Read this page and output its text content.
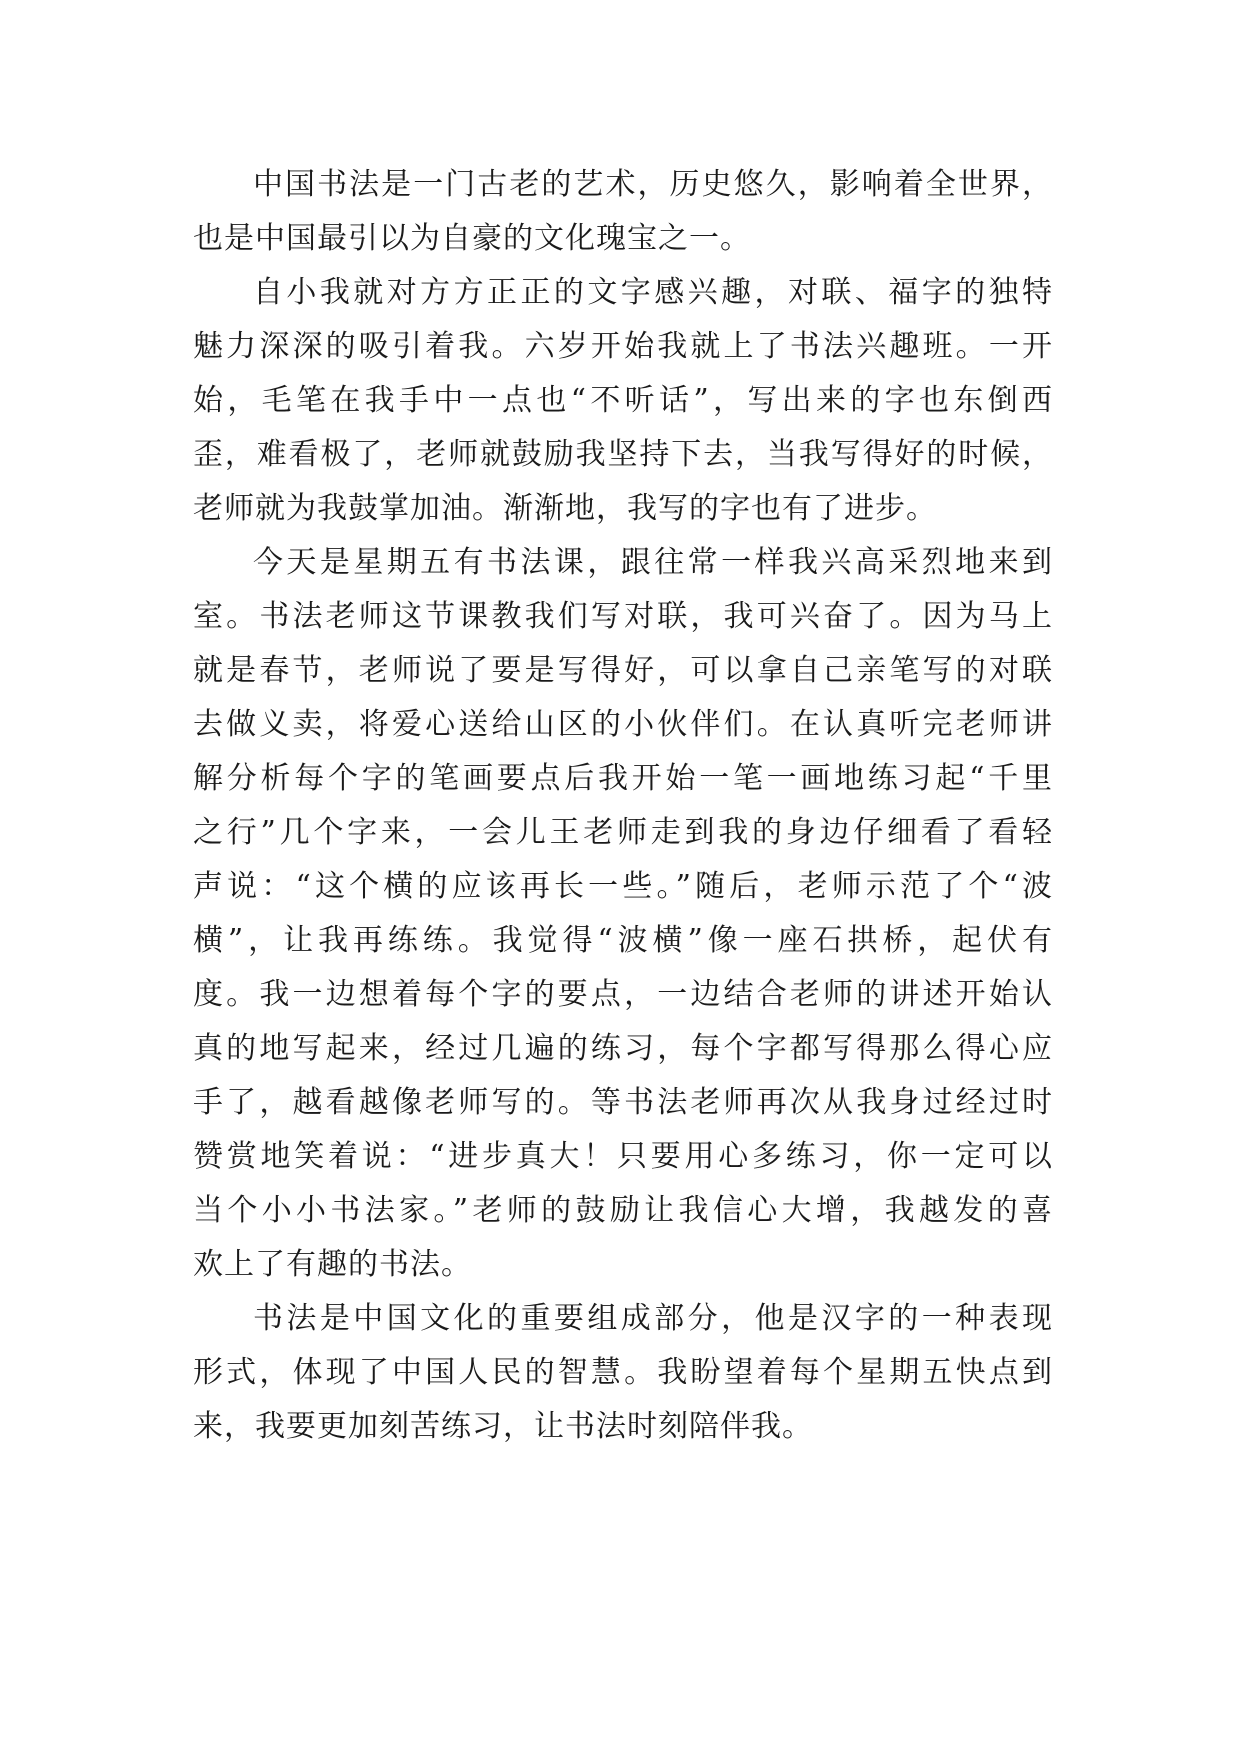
中国书法是一门古老的艺术，历史悠久，影响着全世界，
也是中国最引以为自豪的文化瑰宝之一。
自小我就对方方正正的文字感兴趣，对联、福字的独特
魅力深深的吸引着我。六岁开始我就上了书法兴趣班。一开
始，毛笔在我手中一点也“不听话”，写出来的字也东倒西
歪，难看极了，老师就鼓励我坚持下去，当我写得好的时候，
老师就为我鼓掌加油。渐渐地，我写的字也有了进步。
今天是星期五有书法课，跟往常一样我兴高采烈地来到
室。书法老师这节课教我们写对联，我可兴奋了。因为马上
就是春节，老师说了要是写得好，可以拿自己亲笔写的对联
去做义卖，将爱心送给山区的小伙伴们。在认真听完老师讲
解分析每个字的笔画要点后我开始一笔一画地练习起“千里
之行”几个字来，一会儿王老师走到我的身边仔细看了看轻
声说：“这个横的应该再长一些。”随后，老师示范了个“波
横”，让我再练练。我觉得“波横”像一座石拱桥，起伏有
度。我一边想着每个字的要点，一边结合老师的讲述开始认
真的地写起来，经过几遍的练习，每个字都写得那么得心应
手了，越看越像老师写的。等书法老师再次从我身过经过时
赞赏地笑着说：“进步真大！只要用心多练习，你一定可以
当个小小书法家。”老师的鼓励让我信心大增，我越发的喜
欢上了有趣的书法。
书法是中国文化的重要组成部分，他是汉字的一种表现
形式，体现了中国人民的智慧。我盼望着每个星期五快点到
来，我要更加刻苦练习，让书法时刻陪伴我。
